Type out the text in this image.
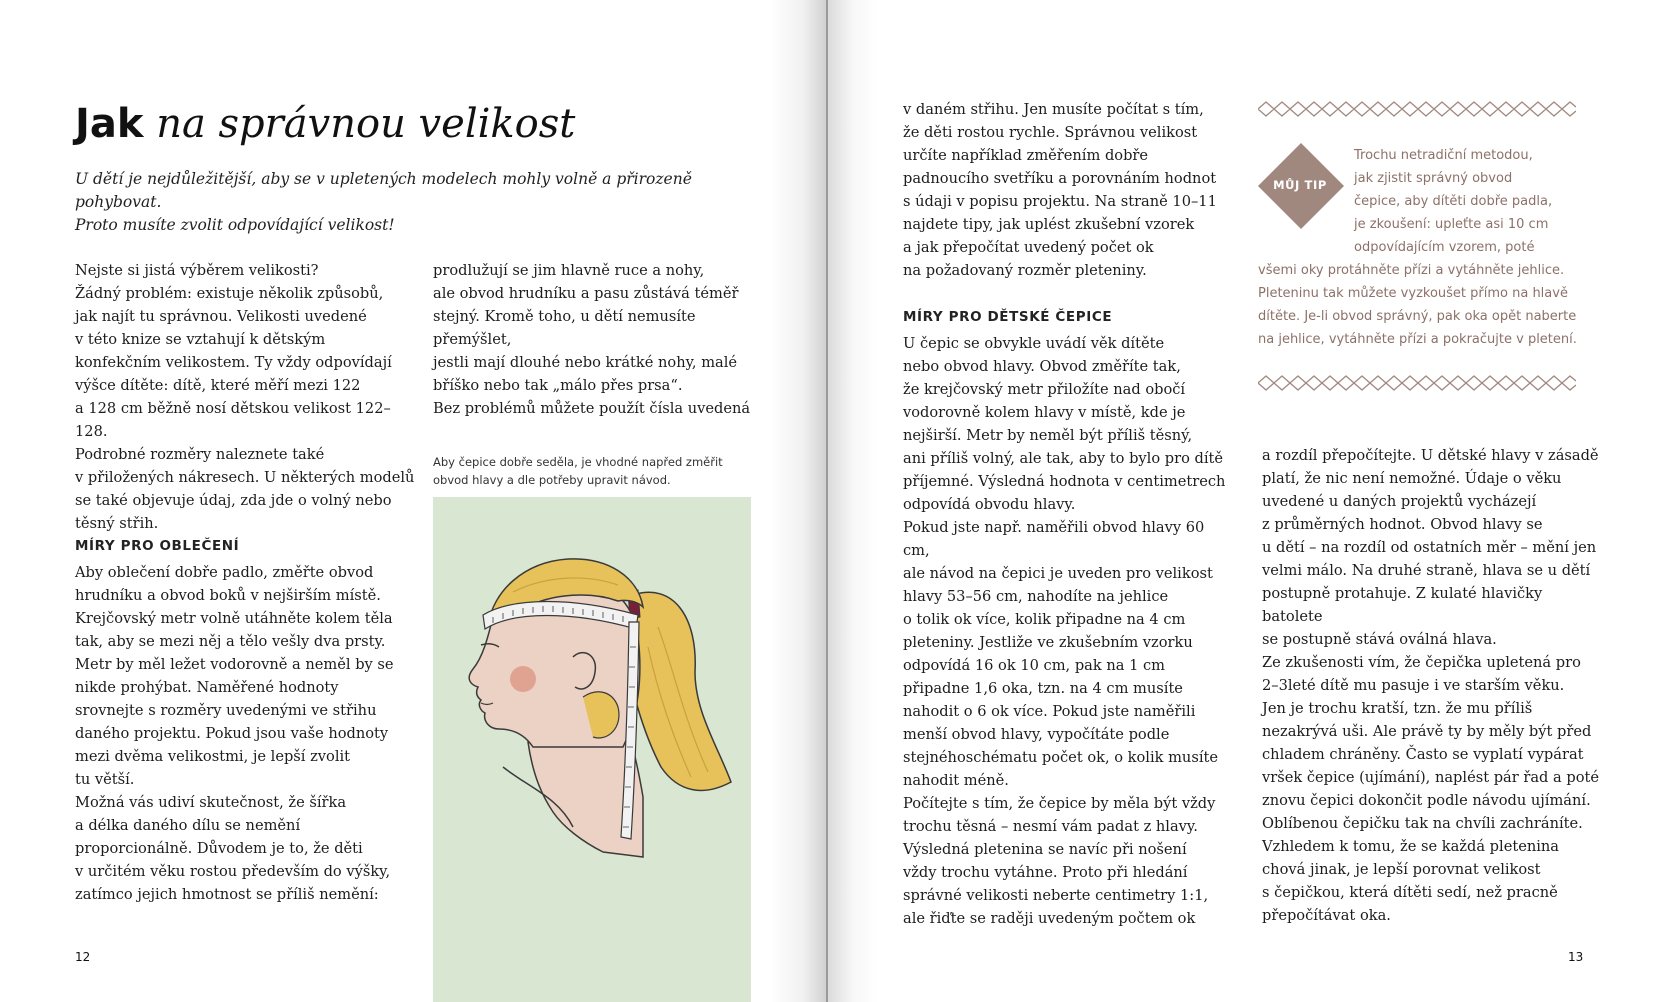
Jak na správnou velikost
U dětí je nejdůležitější, aby se v upletených modelech mohly volně a přirozeně pohybovat.
Proto musíte zvolit odpovídající velikost!

Nejste si jistá výběrem velikosti?
Žádný problém: existuje několik způsobů,
jak najít tu správnou. Velikosti uvedené
v této knize se vztahují k dětským
konfekčním velikostem. Ty vždy odpovídají
výšce dítěte: dítě, které měří mezi 122
a 128 cm běžně nosí dětskou velikost 122–128.
Podrobné rozměry naleznete také
v přiložených nákresech. U některých modelů
se také objevuje údaj, zda jde o volný nebo
těsný střih.

MÍRY PRO OBLEČENÍ

Aby oblečení dobře padlo, změřte obvod
hrudníku a obvod boků v nejširším místě.
Krejčovský metr volně utáhněte kolem těla
tak, aby se mezi něj a tělo vešly dva prsty.
Metr by měl ležet vodorovně a neměl by se
nikde prohýbat. Naměřené hodnoty
srovnejte s rozměry uvedenými ve střihu
daného projektu. Pokud jsou vaše hodnoty
mezi dvěma velikostmi, je lepší zvolit
tu větší.
Možná vás udiví skutečnost, že šířka
a délka daného dílu se nemění
proporcionálně. Důvodem je to, že děti
v určitém věku rostou především do výšky,
zatímco jejich hmotnost se příliš nemění:

prodlužují se jim hlavně ruce a nohy,
ale obvod hrudníku a pasu zůstává téměř
stejný. Kromě toho, u dětí nemusíte přemýšlet,
jestli mají dlouhé nebo krátké nohy, malé
bříško nebo tak „málo přes prsa“.
Bez problémů můžete použít čísla uvedená

Aby čepice dobře seděla, je vhodné napřed změřit
obvod hlavy a dle potřeby upravit návod.

12

v daném střihu. Jen musíte počítat s tím,
že děti rostou rychle. Správnou velikost
určíte například změřením dobře
padnoucího svetříku a porovnáním hodnot
s údaji v popisu projektu. Na straně 10–11
najdete tipy, jak uplést zkušební vzorek
a jak přepočítat uvedený počet ok
na požadovaný rozměr pleteniny.

MÍRY PRO DĚTSKÉ ČEPICE

U čepic se obvykle uvádí věk dítěte
nebo obvod hlavy. Obvod změříte tak,
že krejčovský metr přiložíte nad obočí
vodorovně kolem hlavy v místě, kde je
nejširší. Metr by neměl být příliš těsný,
ani příliš volný, ale tak, aby to bylo pro dítě
příjemné. Výsledná hodnota v centimetrech
odpovídá obvodu hlavy.
Pokud jste např. naměřili obvod hlavy 60 cm,
ale návod na čepici je uveden pro velikost
hlavy 53–56 cm, nahodíte na jehlice
o tolik ok více, kolik připadne na 4 cm
pleteniny. Jestliže ve zkušebním vzorku
odpovídá 16 ok 10 cm, pak na 1 cm
připadne 1,6 oka, tzn. na 4 cm musíte
nahodit o 6 ok více. Pokud jste naměřili
menší obvod hlavy, vypočítáte podle
stejnéhoschématu počet ok, o kolik musíte
nahodit méně.
Počítejte s tím, že čepice by měla být vždy
trochu těsná – nesmí vám padat z hlavy.
Výsledná pletenina se navíc při nošení
vždy trochu vytáhne. Proto při hledání
správné velikosti neberte centimetry 1:1,
ale řiďte se raději uvedeným počtem ok

MŮJ TIP
Trochu netradiční metodou,
jak zjistit správný obvod
čepice, aby dítěti dobře padla,
je zkoušení: upleťte asi 10 cm
odpovídajícím vzorem, poté
všemi oky protáhněte přízi a vytáhněte jehlice.
Pleteninu tak můžete vyzkoušet přímo na hlavě
dítěte. Je-li obvod správný, pak oka opět naberte
na jehlice, vytáhněte přízi a pokračujte v pletení.

a rozdíl přepočítejte. U dětské hlavy v zásadě
platí, že nic není nemožné. Údaje o věku
uvedené u daných projektů vycházejí
z průměrných hodnot. Obvod hlavy se
u dětí – na rozdíl od ostatních měr – mění jen
velmi málo. Na druhé straně, hlava se u dětí
postupně protahuje. Z kulaté hlavičky batolete
se postupně stává oválná hlava.
Ze zkušenosti vím, že čepička upletená pro
2–3leté dítě mu pasuje i ve starším věku.
Jen je trochu kratší, tzn. že mu příliš
nezakrývá uši. Ale právě ty by měly být před
chladem chráněny. Často se vyplatí vypárat
vršek čepice (ujímání), naplést pár řad a poté
znovu čepici dokončit podle návodu ujímání.
Oblíbenou čepičku tak na chvíli zachráníte.
Vzhledem k tomu, že se každá pletenina
chová jinak, je lepší porovnat velikost
s čepičkou, která dítěti sedí, než pracně
přepočítávat oka.

13
